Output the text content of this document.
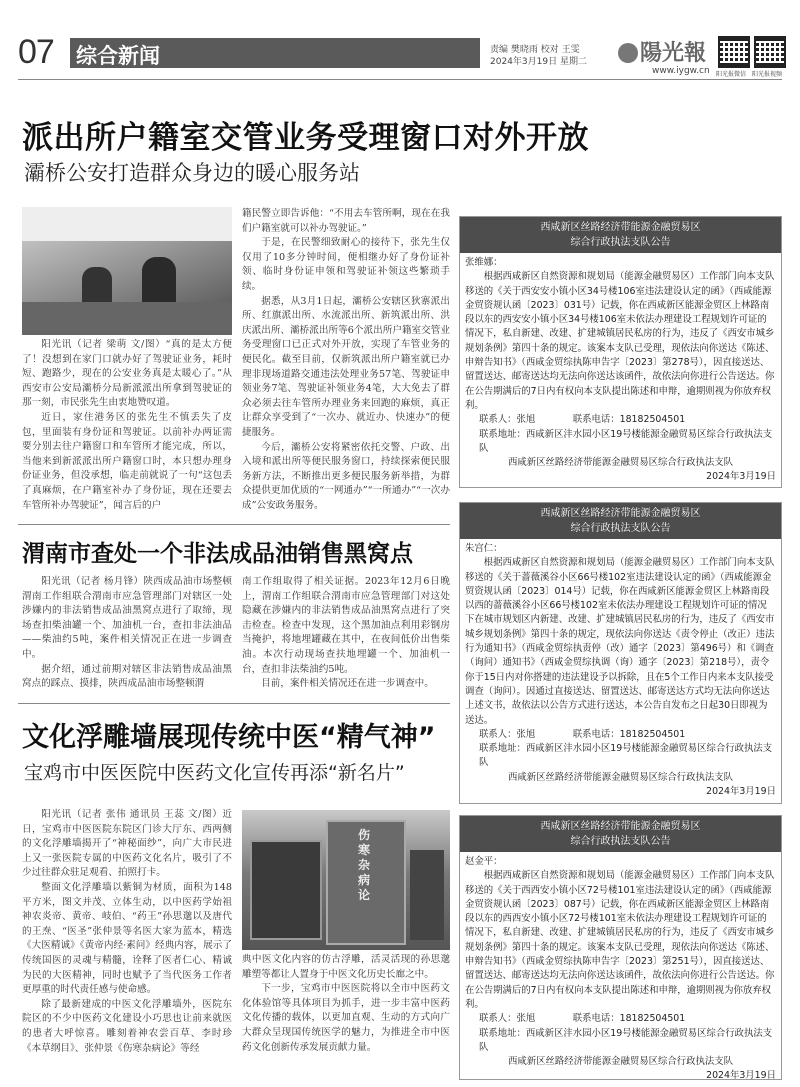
07 综合新闻	责编 樊晓雨 校对 王雯
2024年3月19日 星期二	陽光報
www.iygw.cn 阳光报微信 阳光报视频
派出所户籍室交管业务受理窗口对外开放
灞桥公安打造群众身边的暖心服务站

阳光讯（记者 梁萌 文/图）“真的是太方便了！没想到在家门口就办好了驾驶证业务，耗时短、跑路少，现在的公安业务真是太暖心了。”从西安市公安局灞桥分局新派派出所拿到驾驶证的那一刻，市民张先生由衷地赞叹道。

近日，家住港务区的张先生不慎丢失了皮包，里面装有身份证和驾驶证。以前补办两证需要分别去往户籍窗口和车管所才能完成，所以，当他来到新派派出所户籍窗口时，本只想办理身份证业务，但没承想，临走前就说了一句“这包丢了真麻烦，在户籍室补办了身份证，现在还要去车管所补办驾驶证”，闻言后的户

籍民警立即告诉他：“不用去车管所啊，现在在我们户籍室就可以补办驾驶证。”

于是，在民警细致耐心的接待下，张先生仅仅用了10多分钟时间，便相继办好了身份证补领、临时身份证申领和驾驶证补领这些繁琐手续。

据悉，从3月1日起，灞桥公安辖区狄寨派出所、红旗派出所、水流派出所、新筑派出所、洪庆派出所、灞桥派出所等6个派出所户籍室交管业务受理窗口已正式对外开放，实现了车管业务的便民化。截至目前，仅新筑派出所户籍室就已办理非现场道路交通违法处理业务57笔、驾驶证申领业务7笔、驾驶证补领业务4笔，大大免去了群众必须去往车管所办理业务来回跑的麻烦，真正让群众享受到了“一次办、就近办、快速办”的便捷服务。

今后，灞桥公安将紧密依托交警、户政、出入境和派出所等便民服务窗口，持续探索便民服务新方法，不断推出更多便民服务新举措，为群众提供更加优质的“一网通办”“一所通办”“一次办成”公安政务服务。

渭南市查处一个非法成品油销售黑窝点

阳光讯（记者 杨月锋）陕西成品油市场整顿渭南工作组联合渭南市应急管理部门对辖区一处涉嫌内的非法销售成品油黑窝点进行了取缔，现场查扣柴油罐一个、加油机一台，查扣非法油品——柴油约5吨，案件相关情况正在进一步调查中。

据介绍，通过前期对辖区非法销售成品油黑窝点的踩点、摸排，陕西成品油市场整顿渭

南工作组取得了相关证据。2023年12月6日晚上，渭南工作组联合渭南市应急管理部门对这处隐藏在涉嫌内的非法销售成品油黑窝点进行了突击检查。检查中发现，这个黑加油点利用彩钢房当掩护，将地埋罐藏在其中，在夜间低价出售柴油。本次行动现场查扶地埋罐一个、加油机一台，查扣非法柴油约5吨。

目前，案件相关情况还在进一步调查中。

文化浮雕墙展现传统中医“精气神”
宝鸡市中医医院中医药文化宣传再添“新名片”

阳光讯（记者 张伟 通讯员 王蕊 文/图）近日，宝鸡市中医医院东院区门诊大厅东、西两侧的文化浮雕墙揭开了“神秘面纱”，向广大市民进上又一张医院专属的中医药文化名片，吸引了不少过往群众驻足观看、拍照打卡。

整面文化浮雕墙以紫铜为材质，面积为148平方米，图文并茂、立体生动，以中医药学始祖神农炎帝、黄帝、岐伯、“药王”孙思邈以及唐代的王焘、“医圣”张仲景等名医大家为蓝本，精选《大医精诚》《黄帝内经·素问》经典内容，展示了传统国医的灵魂与精髓，诠释了医者仁心、精诚为民的大医精神，同时也赋予了当代医务工作者更厚重的时代责任感与使命感。

除了最新建成的中医文化浮雕墙外，医院东院区的不少中医药文化建设小巧思也让前来就医的患者大呼惊喜。雕刻着神农尝百草、李时珍《本草纲目》、张仲景《伤寒杂病论》等经

伤寒杂病论

典中医文化内容的仿古浮雕，活灵活现的孙思邈雕塑等都让人置身于中医文化历史长廊之中。

下一步，宝鸡市中医医院将以全市中医药文化体验馆等具体项目为抓手，进一步丰富中医药文化传播的载体，以更加直观、生动的方式向广大群众呈现国传统医学的魅力，为推进全市中医药文化创新传承发展贡献力量。

西咸新区丝路经济带能源金融贸易区
综合行政执法支队公告
张维娜：
根据西咸新区自然资源和规划局（能源金融贸易区）工作部门向本支队移送的《关于西安安小镇小区34号楼106室违法建设认定的函》（西咸能源金贸资规认函〔2023〕031号）记载，你在西咸新区能源金贸区上林路南段以东的西安安小镇小区34号楼106室未依法办理建设工程规划许可证的情况下，私自新建、改建、扩建城镇居民私房的行为，违反了《西安市城乡规划条例》第四十条的规定。该案本支队已受理，现依法向你送达《陈述、申辩告知书》（西咸金贸综执陈申告字〔2023〕第278号），因直接送达、留置送达、邮寄送达均无法向你送达该函件，故依法向你进行公告送达。你在公告期满后的7日内有权向本支队提出陈述和申辩，逾期则视为你放弃权利。
联系人：张旭　　　　联系电话：18182504501
联系地址：西咸新区沣水园小区19号楼能源金融贸易区综合行政执法支队
西咸新区丝路经济带能源金融贸易区综合行政执法支队
2024年3月19日
西咸新区丝路经济带能源金融贸易区
综合行政执法支队公告
朱宫仁：
根据西咸新区自然资源和规划局（能源金融贸易区）工作部门向本支队移送的《关于蔷薇溪谷小区66号楼102室违法建设认定的函》（西咸能源金贸资规认函〔2023〕014号）记载，你在西咸新区能源金贸区上林路南段以西的蔷薇溪谷小区66号楼102室未依法办理建设工程规划许可证的情况下在城市规划区内新建、改建、扩建城镇居民私房的行为，违反了《西安市城乡规划条例》第四十条的规定，现依法向你送达《责令停止（改正）违法行为通知书》（西咸金贸综执责停（改）通字〔2023〕第496号）和《调查（询问）通知书》（西咸金贸综执调（询）通字〔2023〕第218号），责令你于15日内对你搭建的违法建设予以拆除，且在5个工作日内来本支队接受调查（询问）。因通过直接送达、留置送达、邮寄送达方式均无法向你送达上述文书，故依法以公告方式进行送达，本公告自发布之日起30日即视为送达。
联系人：张旭　　　　联系电话：18182504501
联系地址：西咸新区沣水园小区19号楼能源金融贸易区综合行政执法支队
西咸新区丝路经济带能源金融贸易区综合行政执法支队
2024年3月19日
西咸新区丝路经济带能源金融贸易区
综合行政执法支队公告
赵金平：
根据西咸新区自然资源和规划局（能源金融贸易区）工作部门向本支队移送的《关于西西安小镇小区72号楼101室违法建设认定的函》（西咸能源金贸资规认函〔2023〕087号）记载，你在西咸新区能源金贸区上林路南段以东的西西安小镇小区72号楼101室未依法办理建设工程规划许可证的情况下，私自新建、改建、扩建城镇居民私房的行为，违反了《西安市城乡规划条例》第四十条的规定。该案本支队已受理，现依法向你送达《陈述、申辩告知书》（西咸金贸综执陈申告字〔2023〕第251号），因直接送达、留置送达、邮寄送达均无法向你送达该函件，故依法向你进行公告送达。你在公告期满后的7日内有权向本支队提出陈述和申辩，逾期则视为你放弃权利。
联系人：张旭　　　　联系电话：18182504501
联系地址：西咸新区沣水园小区19号楼能源金融贸易区综合行政执法支队
西咸新区丝路经济带能源金融贸易区综合行政执法支队
2024年3月19日
